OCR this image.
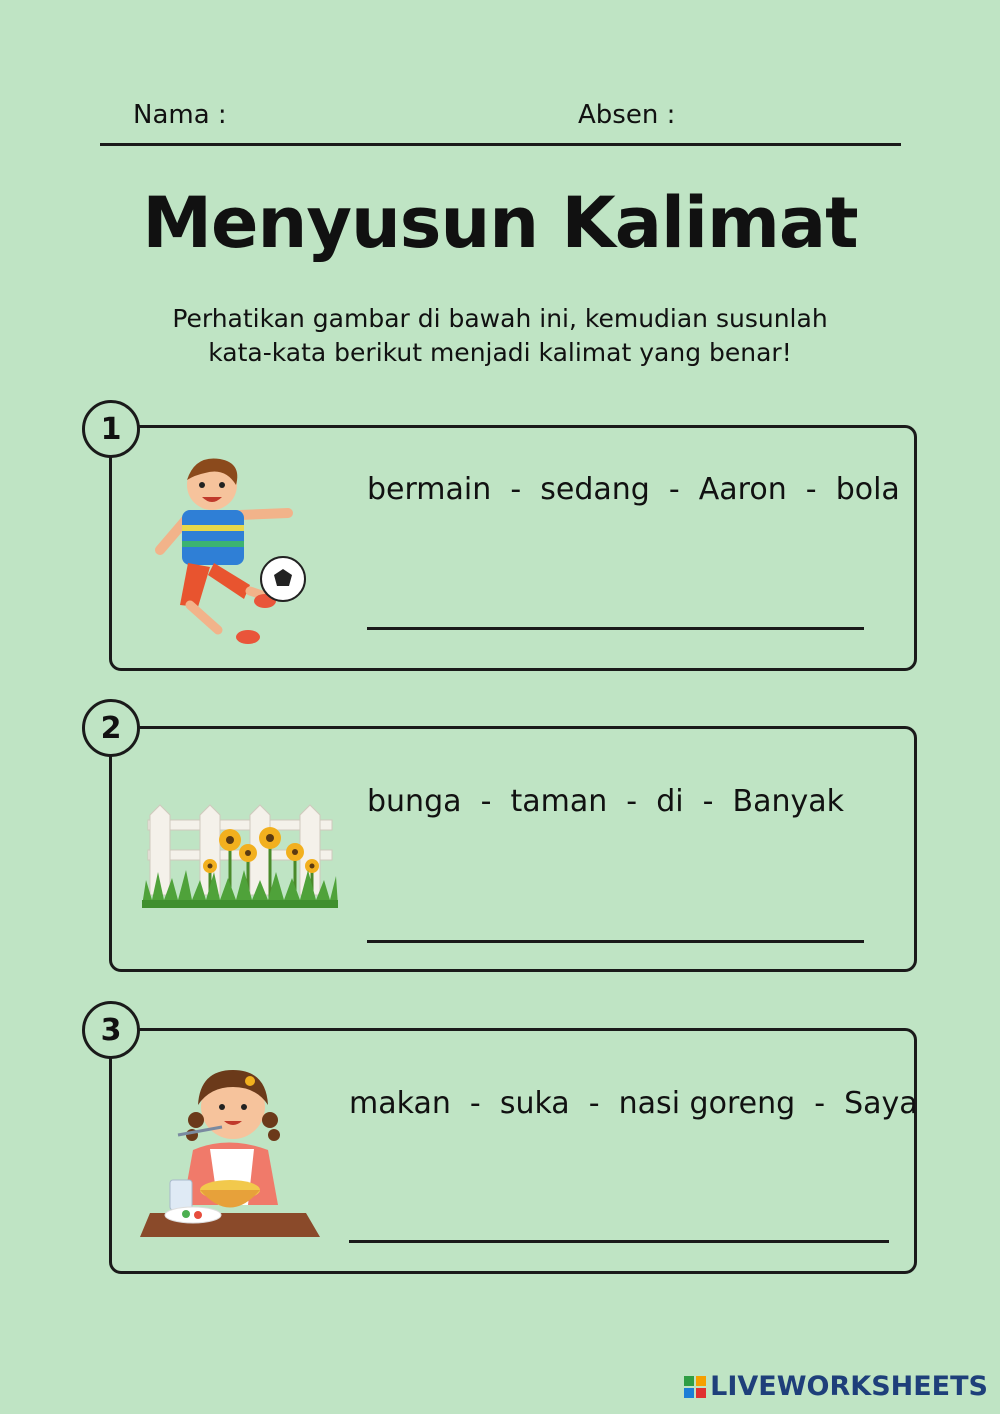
Nama :	Absen :
Menyusun Kalimat
Perhatikan gambar di bawah ini, kemudian susunlah
kata-kata berikut menjadi kalimat yang benar!
1
bermain  -  sedang  -  Aaron  -  bola
2
bunga  -  taman  -  di  -  Banyak
3
makan  -  suka  -  nasi goreng  -  Saya
LIVEWORKSHEETS
